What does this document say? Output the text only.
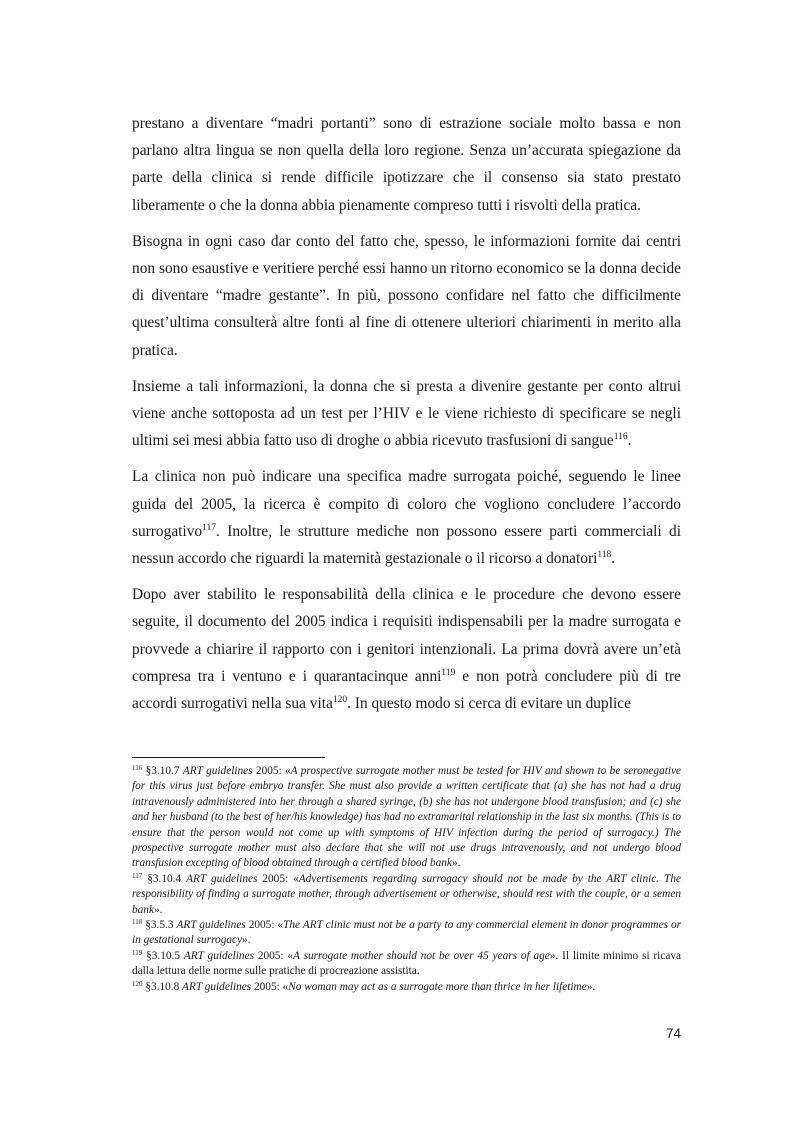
prestano a diventare “madri portanti” sono di estrazione sociale molto bassa e non parlano altra lingua se non quella della loro regione. Senza un’accurata spiegazione da parte della clinica si rende difficile ipotizzare che il consenso sia stato prestato liberamente o che la donna abbia pienamente compreso tutti i risvolti della pratica.

Bisogna in ogni caso dar conto del fatto che, spesso, le informazioni fornite dai centri non sono esaustive e veritiere perché essi hanno un ritorno economico se la donna decide di diventare “madre gestante”. In più, possono confidare nel fatto che difficilmente quest’ultima consulterà altre fonti al fine di ottenere ulteriori chiarimenti in merito alla pratica.

Insieme a tali informazioni, la donna che si presta a divenire gestante per conto altrui viene anche sottoposta ad un test per l’HIV e le viene richiesto di specificare se negli ultimi sei mesi abbia fatto uso di droghe o abbia ricevuto trasfusioni di sangue$^{116}$.

La clinica non può indicare una specifica madre surrogata poiché, seguendo le linee guida del 2005, la ricerca è compito di coloro che vogliono concludere l’accordo surrogativo$^{117}$. Inoltre, le strutture mediche non possono essere parti commerciali di nessun accordo che riguardi la maternità gestazionale o il ricorso a donatori$^{118}$.

Dopo aver stabilito le responsabilità della clinica e le procedure che devono essere seguite, il documento del 2005 indica i requisiti indispensabili per la madre surrogata e provvede a chiarire il rapporto con i genitori intenzionali. La prima dovrà avere un’età compresa tra i ventuno e i quarantacinque anni$^{119}$ e non potrà concludere più di tre accordi surrogativi nella sua vita$^{120}$. In questo modo si cerca di evitare un duplice

$^{116}$ §3.10.7 ART guidelines 2005: «A prospective surrogate mother must be tested for HIV and shown to be seronegative for this virus just before embryo transfer. She must also provide a written certificate that (a) she has not had a drug intravenously administered into her through a shared syringe, (b) she has not undergone blood transfusion; and (c) she and her husband (to the best of her/his knowledge) has had no extramarital relationship in the last six months. (This is to ensure that the person would not come up with symptoms of HIV infection during the period of surrogacy.) The prospective surrogate mother must also declare that she will not use drugs intravenously, and not undergo blood transfusion excepting of blood obtained through a certified blood bank».

$^{117}$ §3.10.4 ART guidelines 2005: «Advertisements regarding surrogacy should not be made by the ART clinic. The responsibility of finding a surrogate mother, through advertisement or otherwise, should rest with the couple, or a semen bank».

$^{118}$ §3.5.3 ART guidelines 2005: «The ART clinic must not be a party to any commercial element in donor programmes or in gestational surrogacy».

$^{119}$ §3.10.5 ART guidelines 2005: «A surrogate mother should not be over 45 years of age». Il limite minimo si ricava dalla lettura delle norme sulle pratiche di procreazione assistita.

$^{120}$ §3.10.8 ART guidelines 2005: «No woman may act as a surrogate more than thrice in her lifetime».

74
